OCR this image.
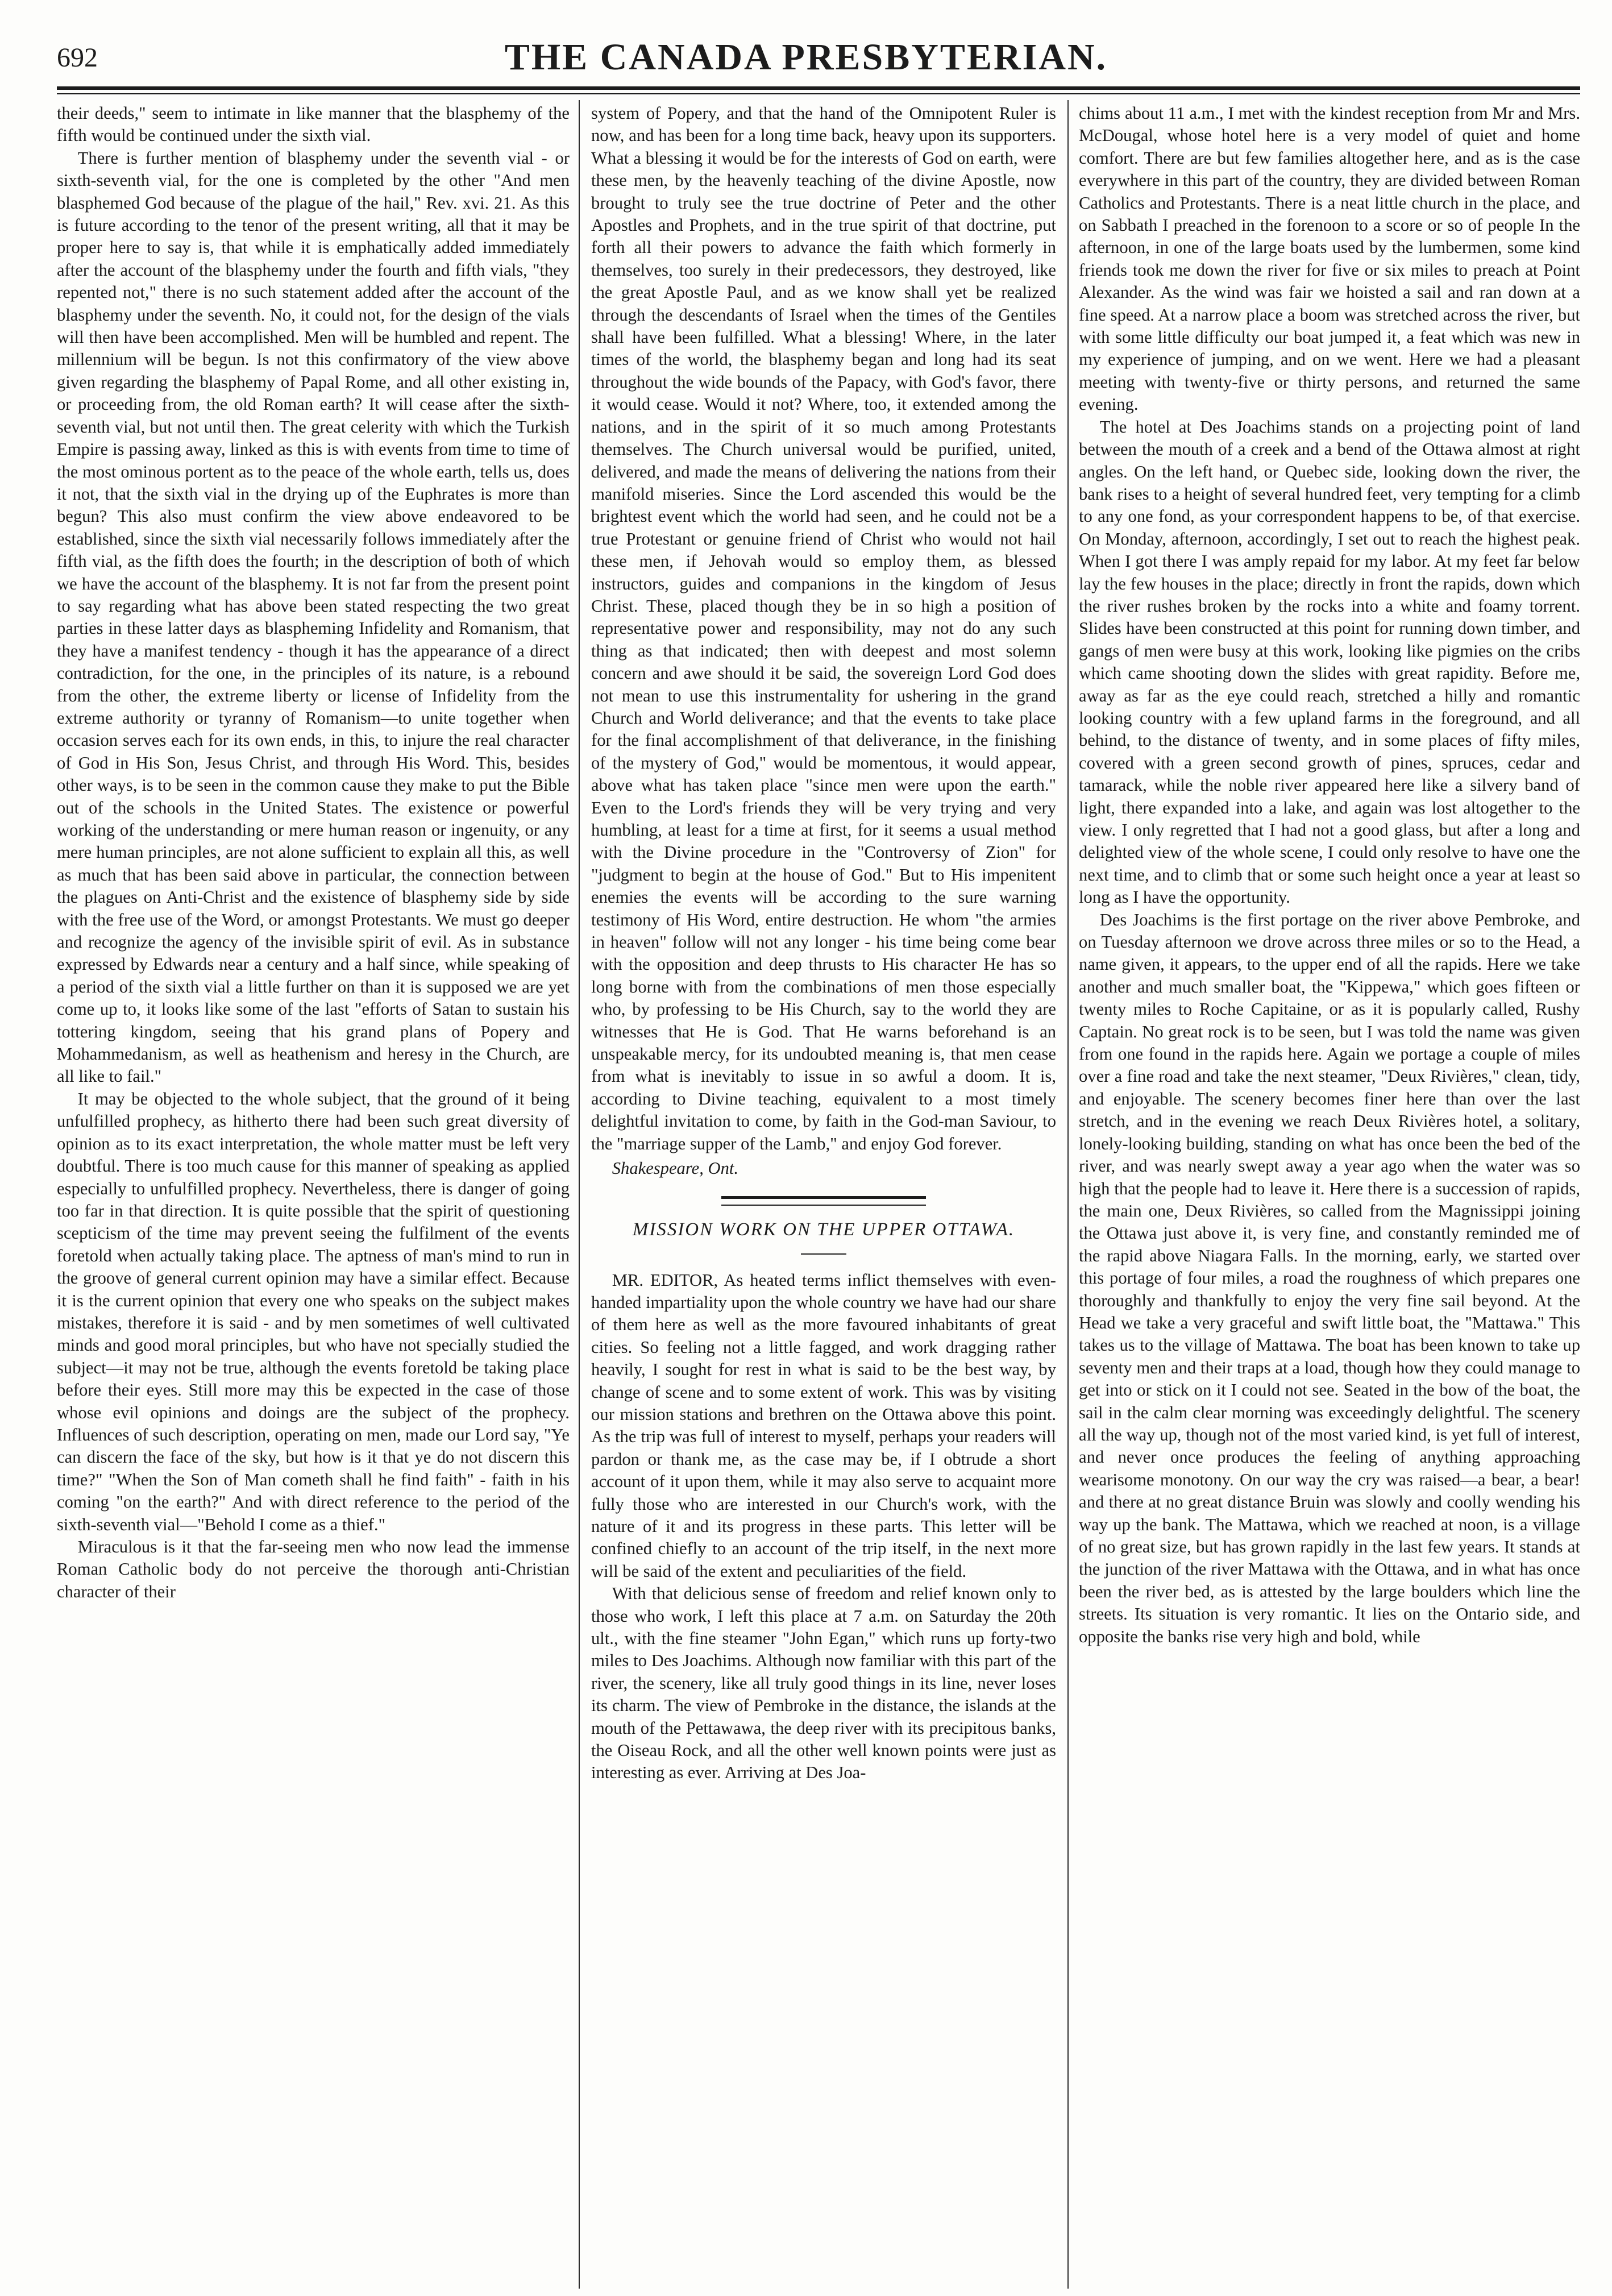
692	THE CANADA PRESBYTERIAN.

their deeds," seem to intimate in like manner that the blasphemy of the fifth would be continued under the sixth vial.

There is further mention of blasphemy under the seventh vial - or sixth-seventh vial, for the one is completed by the other "And men blasphemed God because of the plague of the hail," Rev. xvi. 21. As this is future according to the tenor of the present writing, all that it may be proper here to say is, that while it is emphatically added immediately after the account of the blasphemy under the fourth and fifth vials, "they repented not," there is no such statement added after the account of the blasphemy under the seventh. No, it could not, for the design of the vials will then have been accomplished. Men will be humbled and repent. The millennium will be begun. Is not this confirmatory of the view above given regarding the blasphemy of Papal Rome, and all other existing in, or proceeding from, the old Roman earth? It will cease after the sixth-seventh vial, but not until then. The great celerity with which the Turkish Empire is passing away, linked as this is with events from time to time of the most ominous portent as to the peace of the whole earth, tells us, does it not, that the sixth vial in the drying up of the Euphrates is more than begun? This also must confirm the view above endeavored to be established, since the sixth vial necessarily follows immediately after the fifth vial, as the fifth does the fourth; in the description of both of which we have the account of the blasphemy. It is not far from the present point to say regarding what has above been stated respecting the two great parties in these latter days as blaspheming Infidelity and Romanism, that they have a manifest tendency - though it has the appearance of a direct contradiction, for the one, in the principles of its nature, is a rebound from the other, the extreme liberty or license of Infidelity from the extreme authority or tyranny of Romanism—to unite together when occasion serves each for its own ends, in this, to injure the real character of God in His Son, Jesus Christ, and through His Word. This, besides other ways, is to be seen in the common cause they make to put the Bible out of the schools in the United States. The existence or powerful working of the understanding or mere human reason or ingenuity, or any mere human principles, are not alone sufficient to explain all this, as well as much that has been said above in particular, the connection between the plagues on Anti-Christ and the existence of blasphemy side by side with the free use of the Word, or amongst Protestants. We must go deeper and recognize the agency of the invisible spirit of evil. As in substance expressed by Edwards near a century and a half since, while speaking of a period of the sixth vial a little further on than it is supposed we are yet come up to, it looks like some of the last "efforts of Satan to sustain his tottering kingdom, seeing that his grand plans of Popery and Mohammedanism, as well as heathenism and heresy in the Church, are all like to fail."

It may be objected to the whole subject, that the ground of it being unfulfilled prophecy, as hitherto there had been such great diversity of opinion as to its exact interpretation, the whole matter must be left very doubtful. There is too much cause for this manner of speaking as applied especially to unfulfilled prophecy. Nevertheless, there is danger of going too far in that direction. It is quite possible that the spirit of questioning scepticism of the time may prevent seeing the fulfilment of the events foretold when actually taking place. The aptness of man's mind to run in the groove of general current opinion may have a similar effect. Because it is the current opinion that every one who speaks on the subject makes mistakes, therefore it is said - and by men sometimes of well cultivated minds and good moral principles, but who have not specially studied the subject—it may not be true, although the events foretold be taking place before their eyes. Still more may this be expected in the case of those whose evil opinions and doings are the subject of the prophecy. Influences of such description, operating on men, made our Lord say, "Ye can discern the face of the sky, but how is it that ye do not discern this time?" "When the Son of Man cometh shall he find faith" - faith in his coming "on the earth?" And with direct reference to the period of the sixth-seventh vial—"Behold I come as a thief."

Miraculous is it that the far-seeing men who now lead the immense Roman Catholic body do not perceive the thorough anti-Christian character of their

system of Popery, and that the hand of the Omnipotent Ruler is now, and has been for a long time back, heavy upon its supporters. What a blessing it would be for the interests of God on earth, were these men, by the heavenly teaching of the divine Apostle, now brought to truly see the true doctrine of Peter and the other Apostles and Prophets, and in the true spirit of that doctrine, put forth all their powers to advance the faith which formerly in themselves, too surely in their predecessors, they destroyed, like the great Apostle Paul, and as we know shall yet be realized through the descendants of Israel when the times of the Gentiles shall have been fulfilled. What a blessing! Where, in the later times of the world, the blasphemy began and long had its seat throughout the wide bounds of the Papacy, with God's favor, there it would cease. Would it not? Where, too, it extended among the nations, and in the spirit of it so much among Protestants themselves. The Church universal would be purified, united, delivered, and made the means of delivering the nations from their manifold miseries. Since the Lord ascended this would be the brightest event which the world had seen, and he could not be a true Protestant or genuine friend of Christ who would not hail these men, if Jehovah would so employ them, as blessed instructors, guides and companions in the kingdom of Jesus Christ. These, placed though they be in so high a position of representative power and responsibility, may not do any such thing as that indicated; then with deepest and most solemn concern and awe should it be said, the sovereign Lord God does not mean to use this instrumentality for ushering in the grand Church and World deliverance; and that the events to take place for the final accomplishment of that deliverance, in the finishing of the mystery of God," would be momentous, it would appear, above what has taken place "since men were upon the earth." Even to the Lord's friends they will be very trying and very humbling, at least for a time at first, for it seems a usual method with the Divine procedure in the "Controversy of Zion" for "judgment to begin at the house of God." But to His impenitent enemies the events will be according to the sure warning testimony of His Word, entire destruction. He whom "the armies in heaven" follow will not any longer - his time being come bear with the opposition and deep thrusts to His character He has so long borne with from the combinations of men those especially who, by professing to be His Church, say to the world they are witnesses that He is God. That He warns beforehand is an unspeakable mercy, for its undoubted meaning is, that men cease from what is inevitably to issue in so awful a doom. It is, according to Divine teaching, equivalent to a most timely delightful invitation to come, by faith in the God-man Saviour, to the "marriage supper of the Lamb," and enjoy God forever.

Shakespeare, Ont.
MISSION WORK ON THE UPPER OTTAWA.

MR. EDITOR, As heated terms inflict themselves with even-handed impartiality upon the whole country we have had our share of them here as well as the more favoured inhabitants of great cities. So feeling not a little fagged, and work dragging rather heavily, I sought for rest in what is said to be the best way, by change of scene and to some extent of work. This was by visiting our mission stations and brethren on the Ottawa above this point. As the trip was full of interest to myself, perhaps your readers will pardon or thank me, as the case may be, if I obtrude a short account of it upon them, while it may also serve to acquaint more fully those who are interested in our Church's work, with the nature of it and its progress in these parts. This letter will be confined chiefly to an account of the trip itself, in the next more will be said of the extent and peculiarities of the field.

With that delicious sense of freedom and relief known only to those who work, I left this place at 7 a.m. on Saturday the 20th ult., with the fine steamer "John Egan," which runs up forty-two miles to Des Joachims. Although now familiar with this part of the river, the scenery, like all truly good things in its line, never loses its charm. The view of Pembroke in the distance, the islands at the mouth of the Pettawawa, the deep river with its precipitous banks, the Oiseau Rock, and all the other well known points were just as interesting as ever. Arriving at Des Joa-

chims about 11 a.m., I met with the kindest reception from Mr and Mrs. McDougal, whose hotel here is a very model of quiet and home comfort. There are but few families altogether here, and as is the case everywhere in this part of the country, they are divided between Roman Catholics and Protestants. There is a neat little church in the place, and on Sabbath I preached in the forenoon to a score or so of people In the afternoon, in one of the large boats used by the lumbermen, some kind friends took me down the river for five or six miles to preach at Point Alexander. As the wind was fair we hoisted a sail and ran down at a fine speed. At a narrow place a boom was stretched across the river, but with some little difficulty our boat jumped it, a feat which was new in my experience of jumping, and on we went. Here we had a pleasant meeting with twenty-five or thirty persons, and returned the same evening.

The hotel at Des Joachims stands on a projecting point of land between the mouth of a creek and a bend of the Ottawa almost at right angles. On the left hand, or Quebec side, looking down the river, the bank rises to a height of several hundred feet, very tempting for a climb to any one fond, as your correspondent happens to be, of that exercise. On Monday, afternoon, accordingly, I set out to reach the highest peak. When I got there I was amply repaid for my labor. At my feet far below lay the few houses in the place; directly in front the rapids, down which the river rushes broken by the rocks into a white and foamy torrent. Slides have been constructed at this point for running down timber, and gangs of men were busy at this work, looking like pigmies on the cribs which came shooting down the slides with great rapidity. Before me, away as far as the eye could reach, stretched a hilly and romantic looking country with a few upland farms in the foreground, and all behind, to the distance of twenty, and in some places of fifty miles, covered with a green second growth of pines, spruces, cedar and tamarack, while the noble river appeared here like a silvery band of light, there expanded into a lake, and again was lost altogether to the view. I only regretted that I had not a good glass, but after a long and delighted view of the whole scene, I could only resolve to have one the next time, and to climb that or some such height once a year at least so long as I have the opportunity.

Des Joachims is the first portage on the river above Pembroke, and on Tuesday afternoon we drove across three miles or so to the Head, a name given, it appears, to the upper end of all the rapids. Here we take another and much smaller boat, the "Kippewa," which goes fifteen or twenty miles to Roche Capitaine, or as it is popularly called, Rushy Captain. No great rock is to be seen, but I was told the name was given from one found in the rapids here. Again we portage a couple of miles over a fine road and take the next steamer, "Deux Rivières," clean, tidy, and enjoyable. The scenery becomes finer here than over the last stretch, and in the evening we reach Deux Rivières hotel, a solitary, lonely-looking building, standing on what has once been the bed of the river, and was nearly swept away a year ago when the water was so high that the people had to leave it. Here there is a succession of rapids, the main one, Deux Rivières, so called from the Magnissippi joining the Ottawa just above it, is very fine, and constantly reminded me of the rapid above Niagara Falls. In the morning, early, we started over this portage of four miles, a road the roughness of which prepares one thoroughly and thankfully to enjoy the very fine sail beyond. At the Head we take a very graceful and swift little boat, the "Mattawa." This takes us to the village of Mattawa. The boat has been known to take up seventy men and their traps at a load, though how they could manage to get into or stick on it I could not see. Seated in the bow of the boat, the sail in the calm clear morning was exceedingly delightful. The scenery all the way up, though not of the most varied kind, is yet full of interest, and never once produces the feeling of anything approaching wearisome monotony. On our way the cry was raised—a bear, a bear! and there at no great distance Bruin was slowly and coolly wending his way up the bank. The Mattawa, which we reached at noon, is a village of no great size, but has grown rapidly in the last few years. It stands at the junction of the river Mattawa with the Ottawa, and in what has once been the river bed, as is attested by the large boulders which line the streets. Its situation is very romantic. It lies on the Ontario side, and opposite the banks rise very high and bold, while
